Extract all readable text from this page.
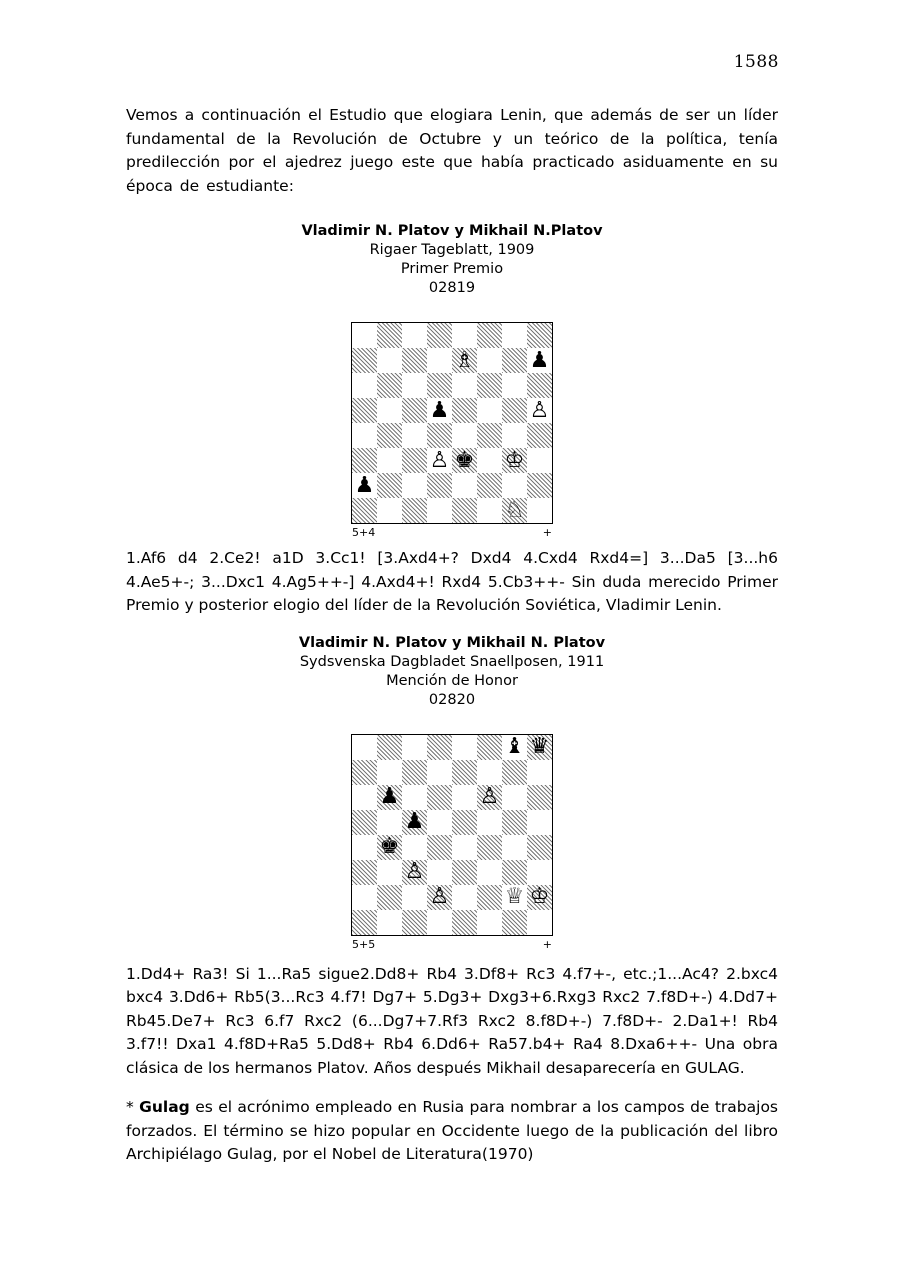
1588

Vemos a continuación el Estudio que elogiara Lenin, que además de ser un líder fundamental de la Revolución de Octubre y un teórico de la política, tenía predilección por el ajedrez juego este que había practicado asiduamente en su época de estudiante:

Vladimir N. Platov y Mikhail N.Platov
Rigaer Tageblatt, 1909
Primer Premio
02819
♗	♟
♟	♙
♙ ♚ ♔
♟
♘
5+4	+

1.Af6 d4 2.Ce2! a1D 3.Cc1! [3.Axd4+? Dxd4 4.Cxd4 Rxd4=] 3...Da5 [3...h6 4.Ae5+-; 3...Dxc1 4.Ag5++-] 4.Axd4+! Rxd4 5.Cb3++- Sin duda merecido Primer Premio y posterior elogio del líder de la Revolución Soviética, Vladimir Lenin.

Vladimir N. Platov y Mikhail N. Platov
Sydsvenska Dagbladet Snaellposen, 1911
Mención de Honor
02820
♝ ♛
♟	♙
♟
♚
♙
♙	♕ ♔
5+5	+

1.Dd4+ Ra3! Si 1...Ra5 sigue2.Dd8+ Rb4 3.Df8+ Rc3 4.f7+-, etc.;1...Ac4? 2.bxc4 bxc4 3.Dd6+ Rb5(3...Rc3 4.f7! Dg7+ 5.Dg3+ Dxg3+6.Rxg3 Rxc2 7.f8D+-) 4.Dd7+ Rb45.De7+ Rc3 6.f7 Rxc2 (6...Dg7+7.Rf3 Rxc2 8.f8D+-) 7.f8D+- 2.Da1+! Rb4 3.f7!! Dxa1 4.f8D+Ra5 5.Dd8+ Rb4 6.Dd6+ Ra57.b4+ Ra4 8.Dxa6++- Una obra clásica de los hermanos Platov. Años después Mikhail desaparecería en GULAG.

* Gulag es el acrónimo empleado en Rusia para nombrar a los campos de trabajos forzados. El término se hizo popular en Occidente luego de la publicación del libro Archipiélago Gulag, por el Nobel de Literatura(1970)
